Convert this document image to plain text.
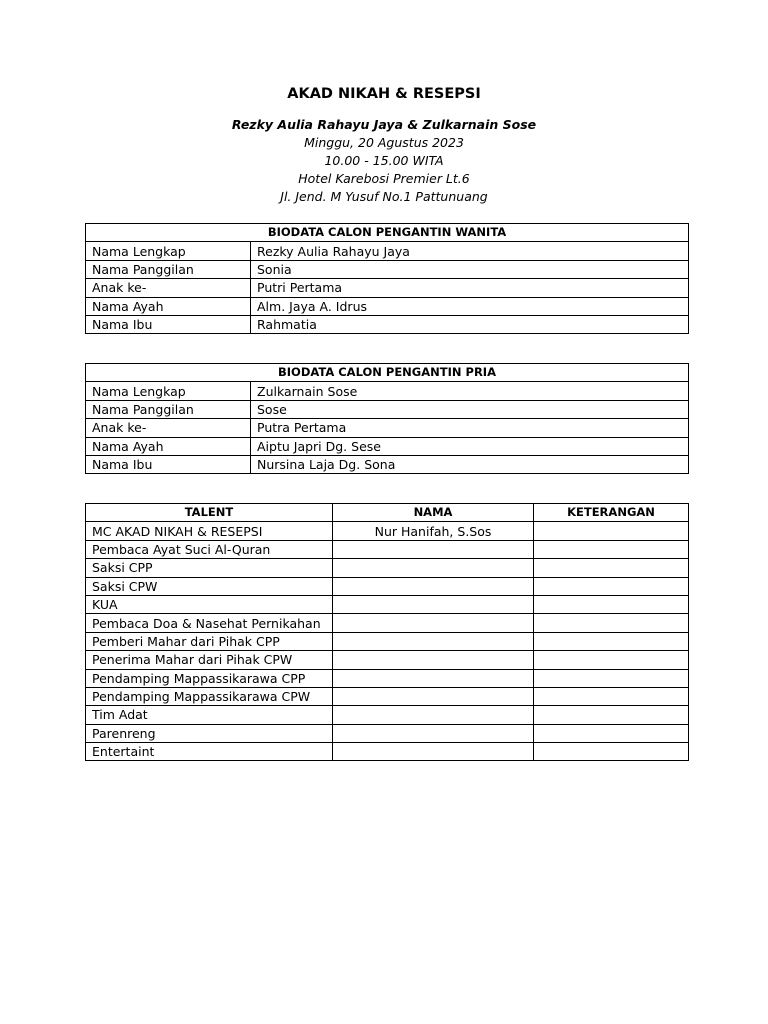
AKAD NIKAH & RESEPSI
Rezky Aulia Rahayu Jaya & Zulkarnain Sose
Minggu, 20 Agustus 2023
10.00 - 15.00 WITA
Hotel Karebosi Premier Lt.6
Jl. Jend. M Yusuf No.1 Pattunuang
BIODATA CALON PENGANTIN WANITA	
Nama Lengkap	Rezky Aulia Rahayu Jaya
Nama Panggilan	Sonia
Anak ke-	Putri Pertama
Nama Ayah	Alm. Jaya A. Idrus
Nama Ibu	Rahmatia
BIODATA CALON PENGANTIN PRIA	
Nama Lengkap	Zulkarnain Sose
Nama Panggilan	Sose
Anak ke-	Putra Pertama
Nama Ayah	Aiptu Japri Dg. Sese
Nama Ibu	Nursina Laja Dg. Sona
TALENT	NAMA	KETERANGAN
MC AKAD NIKAH & RESEPSI	Nur Hanifah, S.Sos	
Pembaca Ayat Suci Al-Quran		
Saksi CPP		
Saksi CPW		
KUA		
Pembaca Doa & Nasehat Pernikahan		
Pemberi Mahar dari Pihak CPP		
Penerima Mahar dari Pihak CPW		
Pendamping Mappassikarawa CPP		
Pendamping Mappassikarawa CPW		
Tim Adat		
Parenreng		
Entertaint		
